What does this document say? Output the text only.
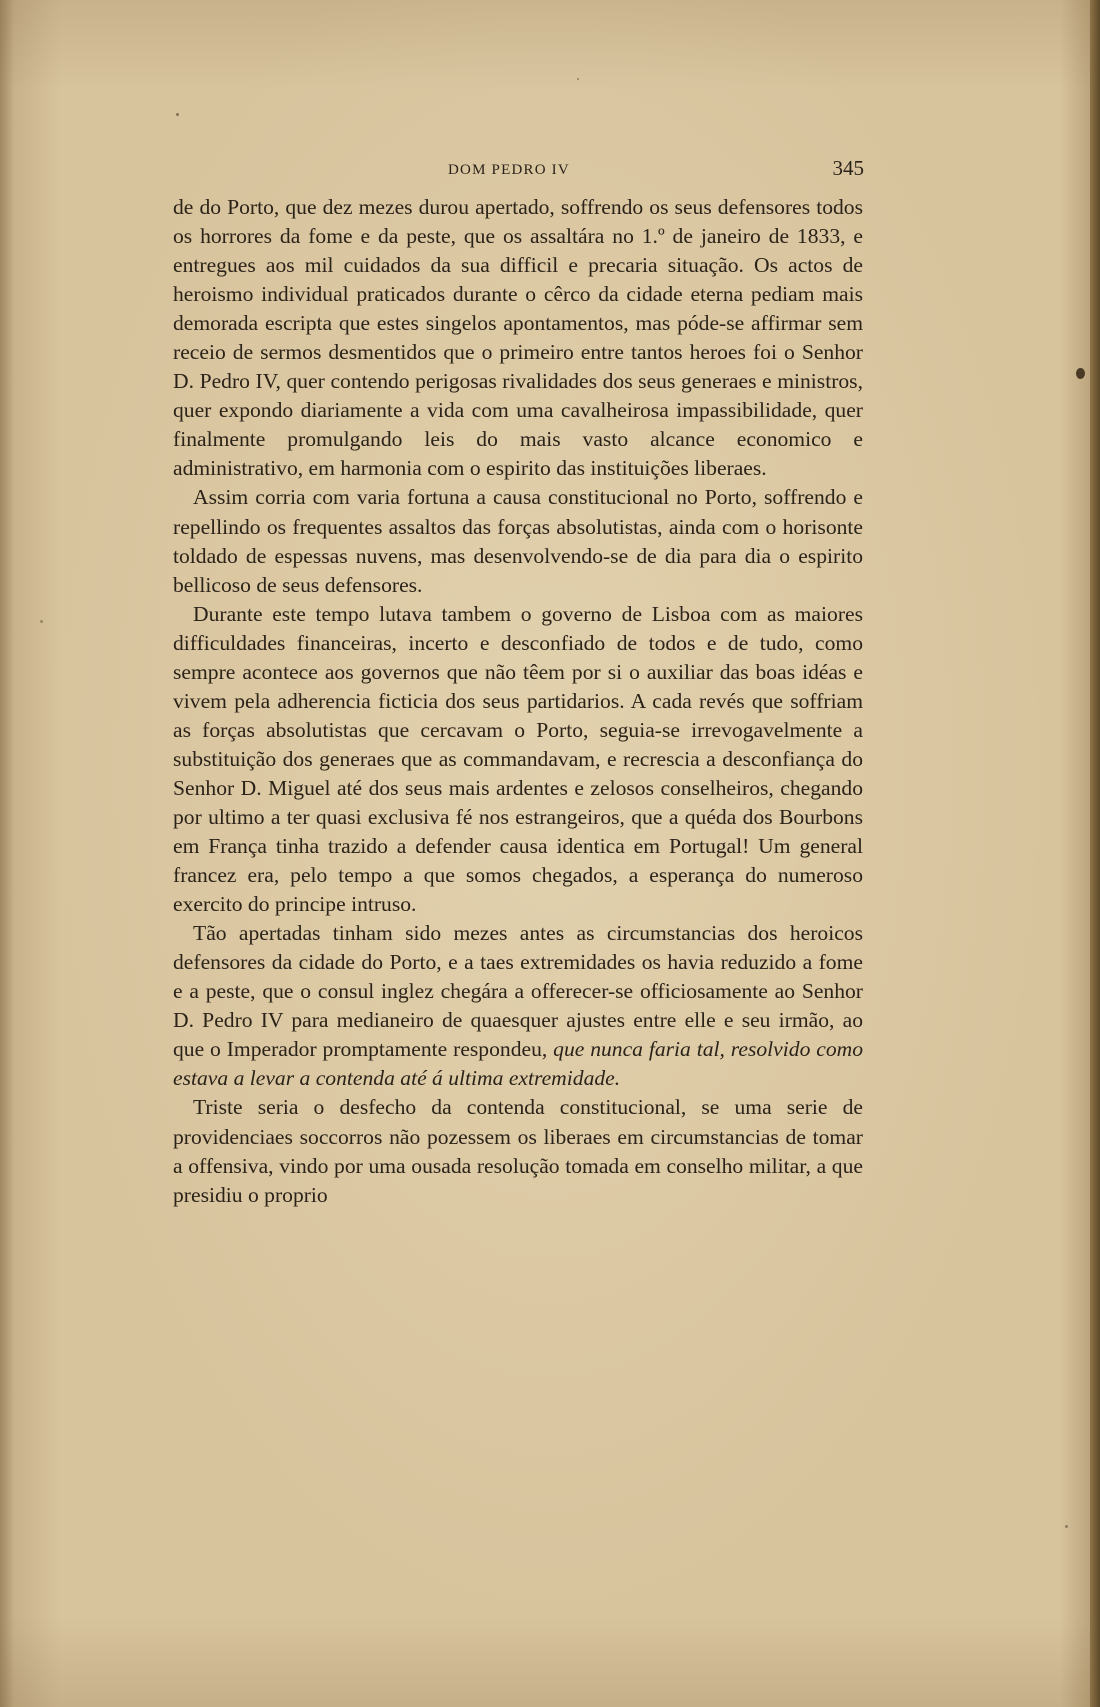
DOM PEDRO IV	345

de do Porto, que dez mezes durou apertado, soffrendo os seus defensores todos os horrores da fome e da peste, que os assaltára no 1.º de janeiro de 1833, e entregues aos mil cuidados da sua difficil e precaria situação. Os actos de heroismo individual praticados durante o cêrco da cidade eterna pediam mais demorada escripta que estes singelos apontamentos, mas póde-se affirmar sem receio de sermos desmentidos que o primeiro entre tantos heroes foi o Senhor D. Pedro IV, quer contendo perigosas rivalidades dos seus generaes e ministros, quer expondo diariamente a vida com uma cavalheirosa impassibilidade, quer finalmente promulgando leis do mais vasto alcance economico e administrativo, em harmonia com o espirito das instituições liberaes.

Assim corria com varia fortuna a causa constitucional no Porto, soffrendo e repellindo os frequentes assaltos das forças absolutistas, ainda com o horisonte toldado de espessas nuvens, mas desenvolvendo-se de dia para dia o espirito bellicoso de seus defensores.

Durante este tempo lutava tambem o governo de Lisboa com as maiores difficuldades financeiras, incerto e desconfiado de todos e de tudo, como sempre acontece aos governos que não têem por si o auxiliar das boas idéas e vivem pela adherencia ficticia dos seus partidarios. A cada revés que soffriam as forças absolutistas que cercavam o Porto, seguia-se irrevogavelmente a substituição dos generaes que as commandavam, e recrescia a desconfiança do Senhor D. Miguel até dos seus mais ardentes e zelosos conselheiros, chegando por ultimo a ter quasi exclusiva fé nos estrangeiros, que a quéda dos Bourbons em França tinha trazido a defender causa identica em Portugal! Um general francez era, pelo tempo a que somos chegados, a esperança do numeroso exercito do principe intruso.

Tão apertadas tinham sido mezes antes as circumstancias dos heroicos defensores da cidade do Porto, e a taes extremidades os havia reduzido a fome e a peste, que o consul inglez chegára a offerecer-se officiosamente ao Senhor D. Pedro IV para medianeiro de quaesquer ajustes entre elle e seu irmão, ao que o Imperador promptamente respondeu, que nunca faria tal, resolvido como estava a levar a contenda até á ultima extremidade.

Triste seria o desfecho da contenda constitucional, se uma serie de providenciaes soccorros não pozessem os liberaes em circumstancias de tomar a offensiva, vindo por uma ousada resolução tomada em conselho militar, a que presidiu o proprio
